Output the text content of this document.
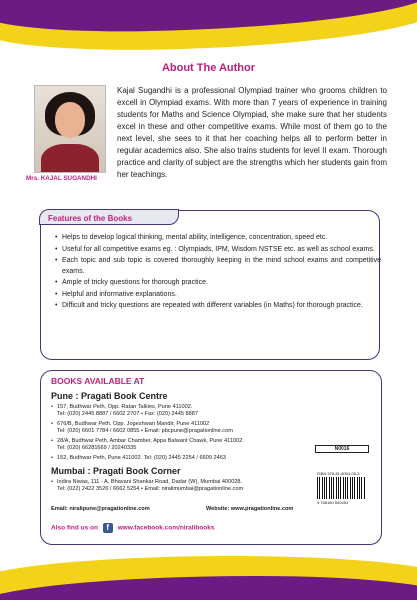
About The Author
Mrs. KAJAL SUGANDHI
Kajal Sugandhi is a professional Olympiad trainer who grooms children to excell in Olympiad exams. With more than 7 years of experience in training students for Maths and Science Olympiad, she make sure that her students excel in these and other competitive exams. While most of them go to the next level, she sees to it that her coaching helps all to perform better in regular academics also. She also trains students for level II exam. Thorough practice and clarity of subject are the strengths which her students gain from her teachings.
Features of the Books
• Helps to develop logical thinking, mental ability, intelligence, concentration, speed etc.
• Useful for all competitive exams eg. : Olympiads, IPM, Wisdom NSTSE etc. as well as school exams.
• Each topic and sub topic is covered thoroughly keeping in the mind school exams and competitive exams.
• Ample of tricky questions for thorough practice.
• Helpful and informative explanations.
• Difficult and tricky questions are repeated with different variables (in Maths) for thorough practice.
BOOKS AVAILABLE AT
Pune : Pragati Book Centre
• 157, Budhwar Peth, Opp. Ratan Talkies, Pune 411002.
Tel: (020) 2445 8887 / 6602 2707 • Fax: (020) 2445 8887
• 676/B, Budhwar Peth, Opp. Jogeshwari Mandir, Pune 411002
Tel: (020) 6601 7784 / 6602 0855 • Email: pbcpune@pragationline.com
• 28/A, Budhwar Peth, Ambar Chamber, Appa Balwant Chawk, Pune 411002.
Tel: (020) 66281669 / 20240335
• 152, Budhwar Peth, Pune 411002. Tel: (020) 2445 2254 / 6609 2463
Mumbai : Pragati Book Corner
• Indira Niwas, 111 - A, Bhavani Shankar Road, Dadar (W), Mumbai 400028.
Tel: (022) 2422 3526 / 6662 5254 • Email: niralimumbai@pragationline.com
Email: niralipune@pragationline.com	Website: www.pragationline.com
Also find us on f www.facebook.com/niralibooks
N0016
ISBN 978-81-8054-05-3
9 788180 540453
